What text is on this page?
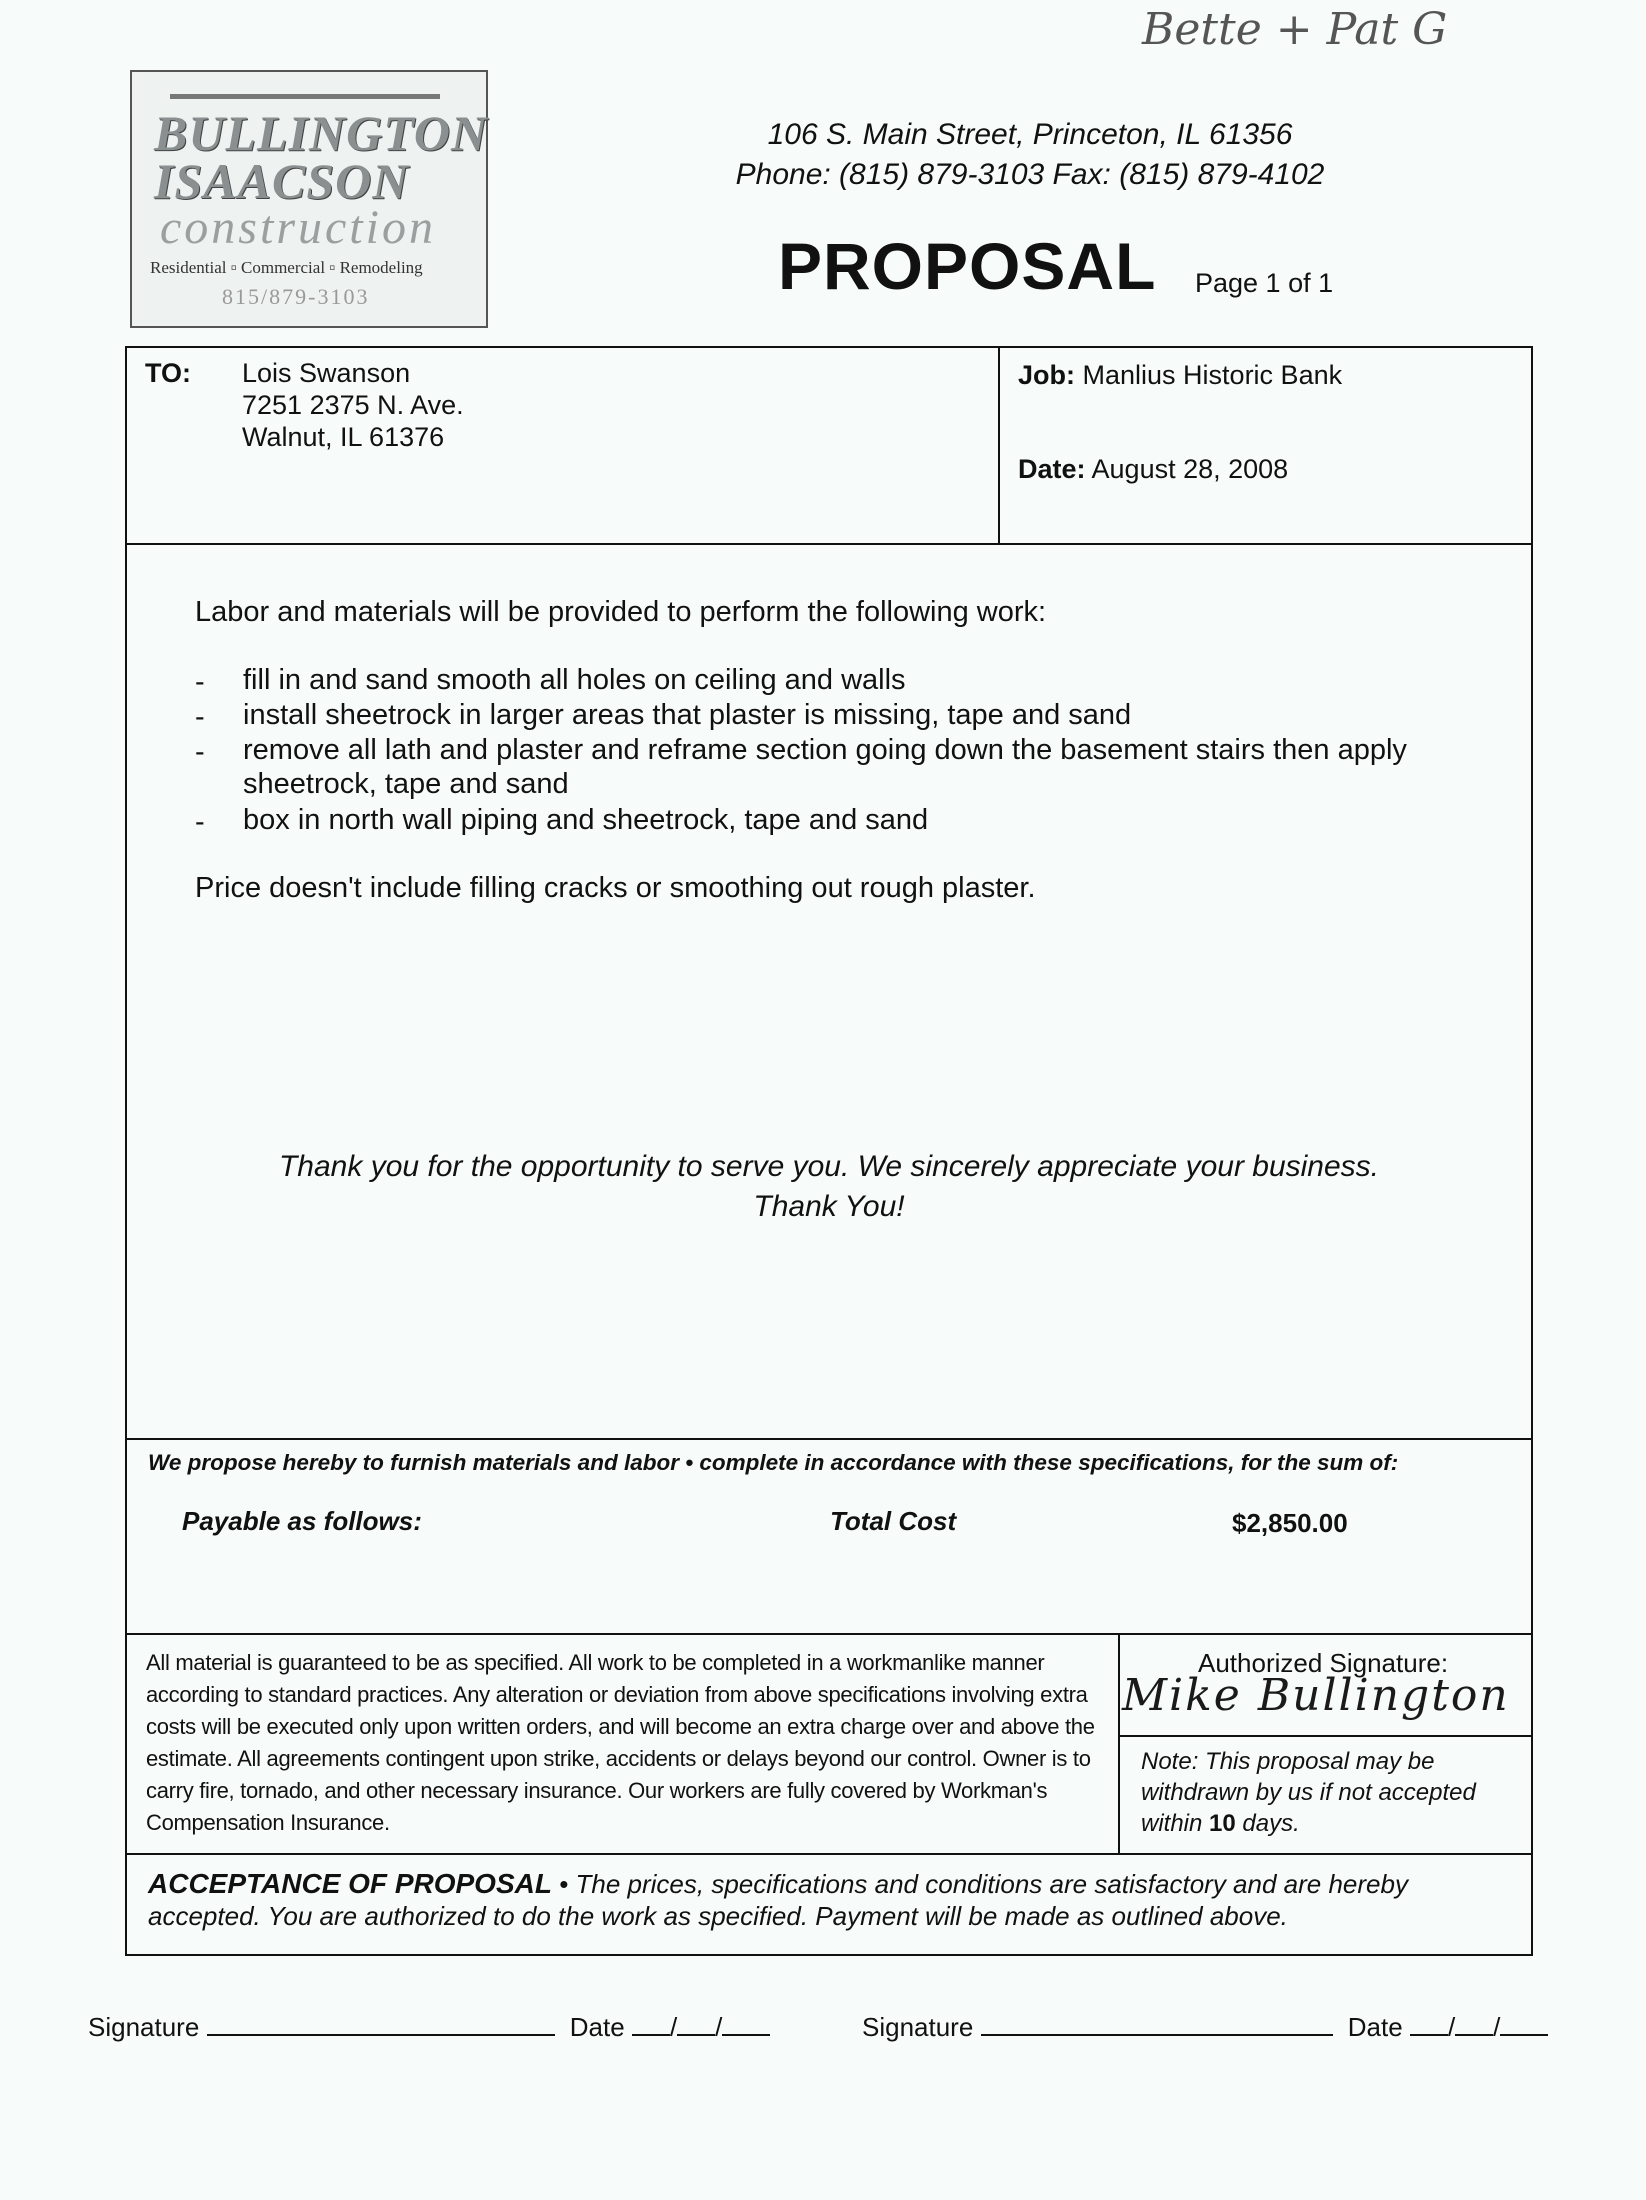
Bette + Pat G
BULLINGTON
ISAACSON
construction
Residential ▫ Commercial ▫ Remodeling
815/879-3103
106 S. Main Street, Princeton, IL 61356
Phone: (815) 879-3103 Fax: (815) 879-4102
PROPOSAL Page 1 of 1
TO: Lois Swanson
7251 2375 N. Ave.
Walnut, IL 61376
Job: Manlius Historic Bank
Date: August 28, 2008
Labor and materials will be provided to perform the following work:
- fill in and sand smooth all holes on ceiling and walls
- install sheetrock in larger areas that plaster is missing, tape and sand
- remove all lath and plaster and reframe section going down the basement stairs then apply sheetrock, tape and sand
- box in north wall piping and sheetrock, tape and sand
Price doesn't include filling cracks or smoothing out rough plaster.
Thank you for the opportunity to serve you. We sincerely appreciate your business.
Thank You!
We propose hereby to furnish materials and labor • complete in accordance with these specifications, for the sum of:
Payable as follows:	Total Cost	$2,850.00
All material is guaranteed to be as specified. All work to be completed in a workmanlike manner according to standard practices. Any alteration or deviation from above specifications involving extra costs will be executed only upon written orders, and will become an extra charge over and above the estimate. All agreements contingent upon strike, accidents or delays beyond our control. Owner is to carry fire, tornado, and other necessary insurance. Our workers are fully covered by Workman's Compensation Insurance.
Authorized Signature:
Mike Bullington
Note: This proposal may be withdrawn by us if not accepted within 10 days.
ACCEPTANCE OF PROPOSAL • The prices, specifications and conditions are satisfactory and are hereby accepted. You are authorized to do the work as specified. Payment will be made as outlined above.
Signature	Date / /	Signature	Date / /
